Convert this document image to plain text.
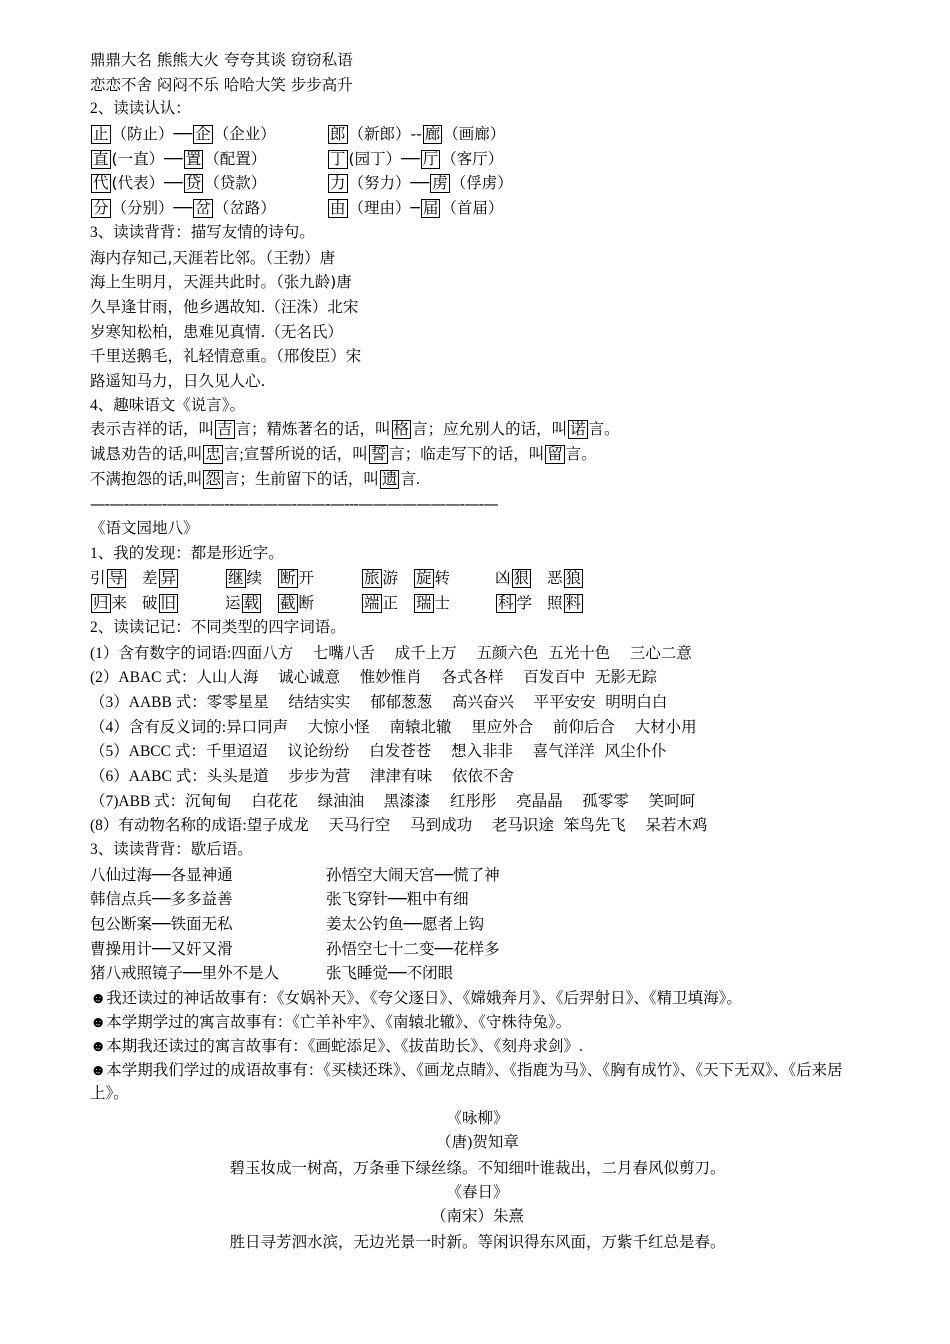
鼎鼎大名 熊熊大火 夸夸其谈 窃窃私语
恋恋不舍 闷闷不乐 哈哈大笑 步步高升
2、读读认认：
止 （防止）── 企 （企业）	郎 （新郎）-- 廊 （画廊）
直 (一直）── 置 （配置）	丁 (园丁）── 厅 （客厅）
代 (代表）── 贷 （贷款）	力 （努力）── 虏 （俘虏）
分 （分别）── 岔 （岔路）	由 （理由）─ 届 （首届）
3、读读背背：描写友情的诗句。
海内存知己,天涯若比邻。（王勃）唐
海上生明月，天涯共此时。（张九龄)唐
久旱逢甘雨，他乡遇故知.（汪洙）北宋
岁寒知松柏，患难见真情.（无名氏）
千里送鹅毛，礼轻情意重。（邢俊臣）宋
路遥知马力，日久见人心.
4、趣味语文《说言》。
表示吉祥的话，叫 吉 言；精炼著名的话，叫 格 言；应允别人的话，叫 诺 言。
诚恳劝告的话,叫 忠 言;宣誓所说的话，叫 誓 言；临走写下的话，叫 留 言。
不满抱怨的话,叫 怨 言；生前留下的话，叫 遗 言.
—-—-—-—-————--————-——-—---———————-—-—
《语文园地八》
1、我的发现：都是形近字。
引 导 差 异	继 续 断 开	旅 游 旋 转	凶 狠 恶 狼
归 来 破 旧	运 载 截 断	端 正 瑞 士	科 学 照 料
2、读读记记：不同类型的四字词语。
(1）含有数字的词语:四面八方    七嘴八舌    成千上万    五颜六色  五光十色    三心二意
(2）ABAC 式：人山人海    诚心诚意    惟妙惟肖    各式各样    百发百中  无影无踪
（3）AABB 式：零零星星    结结实实    郁郁葱葱    高兴奋兴    平平安安  明明白白
（4）含有反义词的:异口同声    大惊小怪    南辕北辙    里应外合    前仰后合    大材小用
（5）ABCC 式：千里迢迢    议论纷纷    白发苍苍    想入非非    喜气洋洋  风尘仆仆
（6）AABC 式：头头是道    步步为营    津津有味    依依不舍
（7)ABB 式：沉甸甸    白花花    绿油油    黑漆漆    红彤彤    亮晶晶    孤零零    笑呵呵
(8）有动物名称的成语:望子成龙    天马行空    马到成功    老马识途  笨鸟先飞    呆若木鸡
3、读读背背：歇后语。
八仙过海──各显神通	孙悟空大闹天宫──慌了神
韩信点兵──多多益善	张飞穿针──粗中有细
包公断案──铁面无私	姜太公钓鱼──愿者上钩
曹操用计──又奸又滑	孙悟空七十二变──花样多
猪八戒照镜子──里外不是人	张飞睡觉──不闭眼
☻我还读过的神话故事有：《女娲补天》、《夸父逐日》、《嫦娥奔月》、《后羿射日》、《精卫填海》。
☻本学期学过的寓言故事有：《亡羊补牢》、《南辕北辙》、《守株待兔》。
☻本期我还读过的寓言故事有：《画蛇添足》、《拔苗助长》、《刻舟求剑》.
☻本学期我们学过的成语故事有：《买椟还珠》、《画龙点睛》、《指鹿为马》、《胸有成竹》、《天下无双》、《后来居上》。
《咏柳》
（唐)贺知章
碧玉妆成一树高，万条垂下绿丝绦。不知细叶谁裁出，二月春风似剪刀。
《春日》
（南宋）朱熹
胜日寻芳泗水滨，无边光景一时新。等闲识得东风面，万紫千红总是春。
